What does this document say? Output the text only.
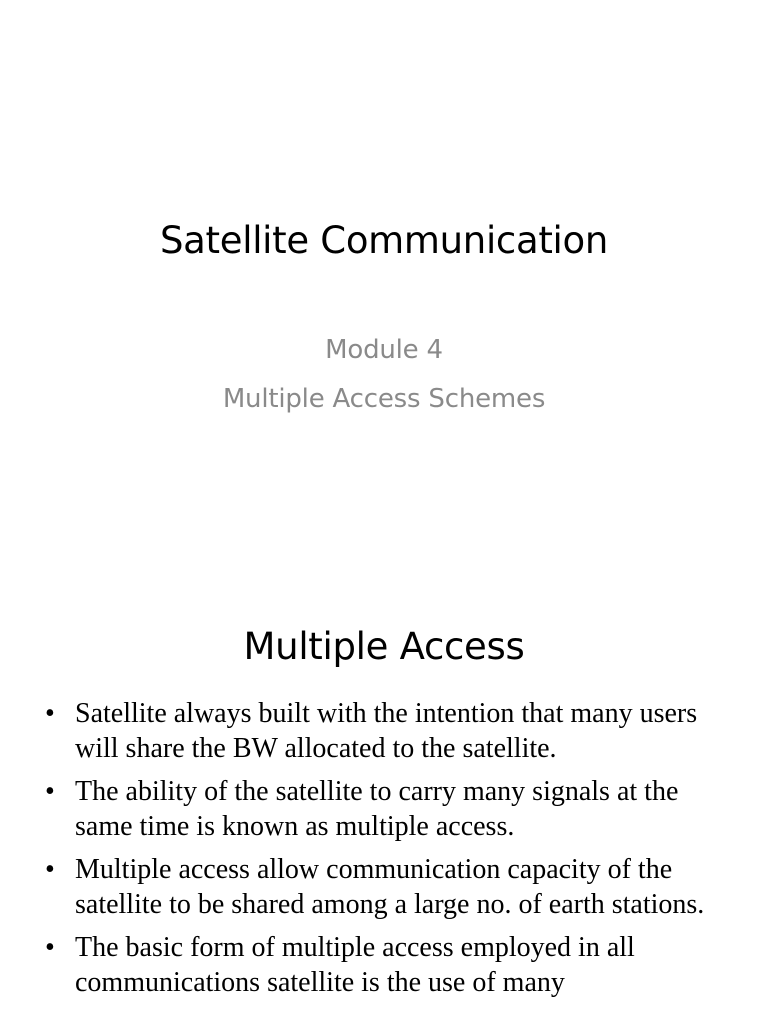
Satellite Communication
Module 4
Multiple Access Schemes
Multiple Access
• Satellite always built with the intention that many users will share the BW allocated to the satellite.
• The ability of the satellite to carry many signals at the same time is known as multiple access.
• Multiple access allow communication capacity of the satellite to be shared among a large no. of earth stations.
• The basic form of multiple access employed in all communications satellite is the use of many
